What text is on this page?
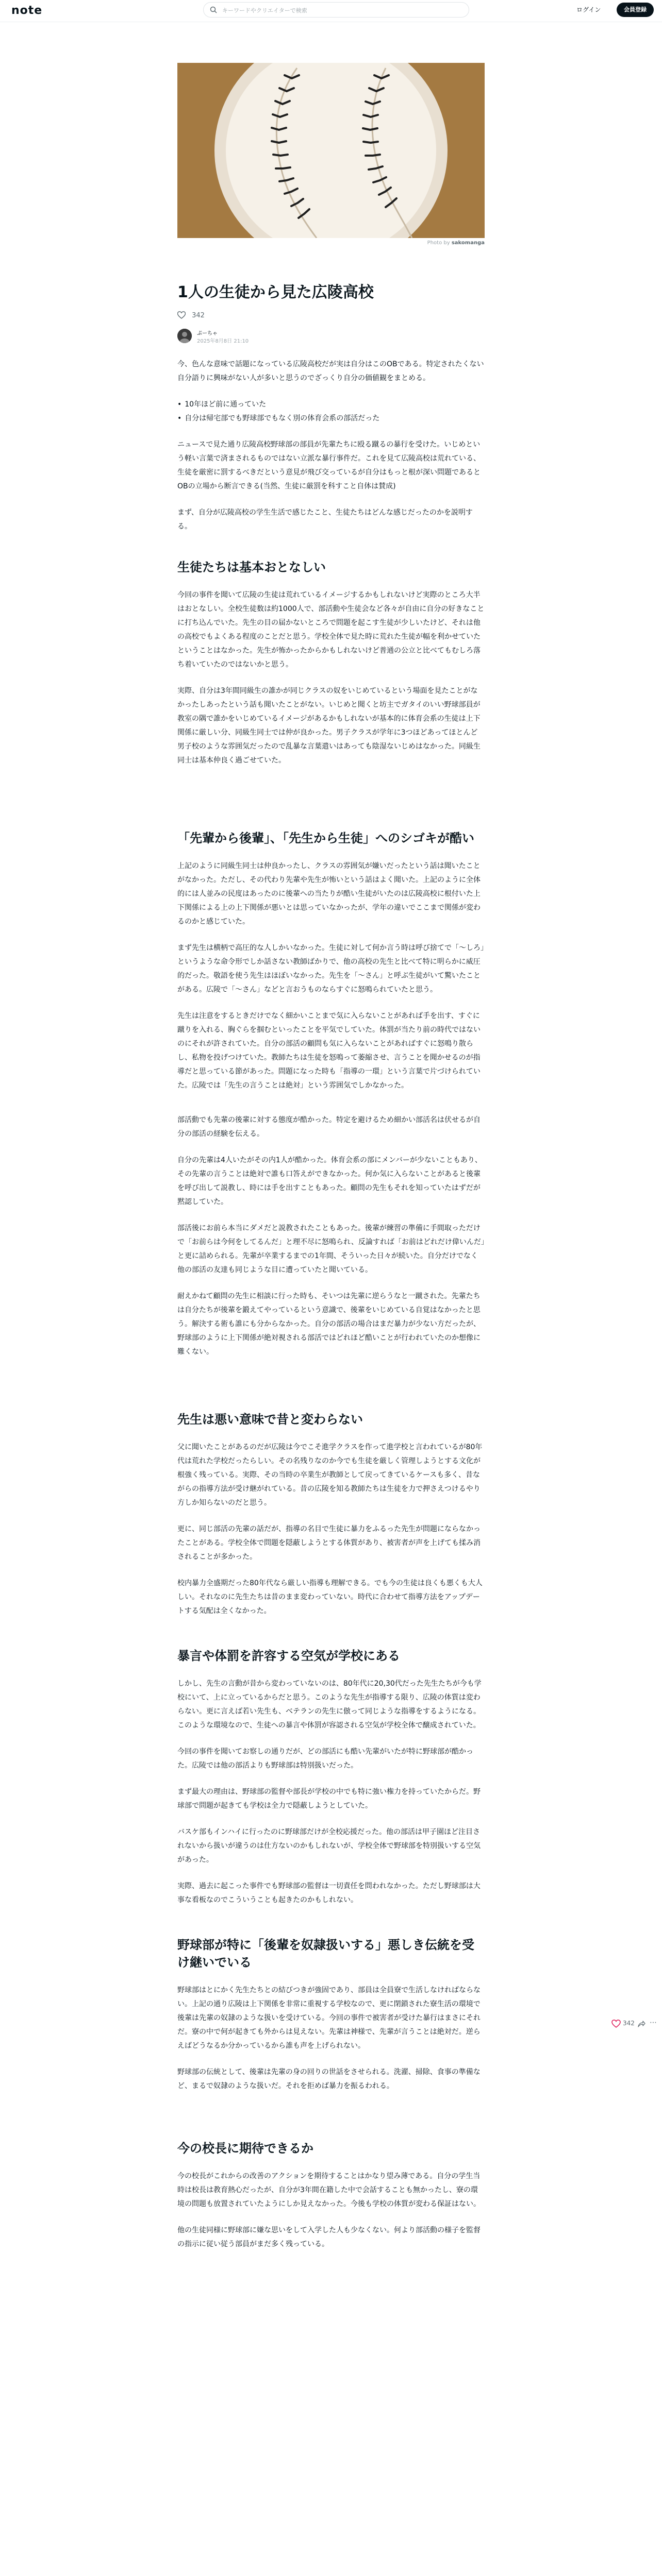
note
キーワードやクリエイターで検索	ログイン	会員登録
Photo by sakomanga
1人の生徒から見た広陵高校
342
ぷーちゃ
2025年8月8日 21:10

今、色んな意味で話題になっている広陵高校だが実は自分はこのOBである。特定されたくない自分語りに興味がない人が多いと思うのでざっくり自分の価値観をまとめる。

• 10年ほど前に通っていた
• 自分は帰宅部でも野球部でもなく別の体育会系の部活だった

ニュースで見た通り広陵高校野球部の部員が先輩たちに殴る蹴るの暴行を受けた。いじめという軽い言葉で済まされるものではない立派な暴行事件だ。これを見て広陵高校は荒れている、生徒を厳密に罰するべきだという意見が飛び交っているが自分はもっと根が深い問題であるとOBの立場から断言できる(当然、生徒に厳罰を科すこと自体は賛成)

まず、自分が広陵高校の学生生活で感じたこと、生徒たちはどんな感じだったのかを説明する。

生徒たちは基本おとなしい

今回の事件を聞いて広陵の生徒は荒れているイメージするかもしれないけど実際のところ大半はおとなしい。全校生徒数は約1000人で、部活動や生徒会など各々が自由に自分の好きなことに打ち込んでいた。先生の目の届かないところで問題を起こす生徒が少しいたけど、それは他の高校でもよくある程度のことだと思う。学校全体で見た時に荒れた生徒が幅を利かせていたということはなかった。先生が怖かったからかもしれないけど普通の公立と比べてもむしろ落ち着いていたのではないかと思う。

実際、自分は3年間同級生の誰かが同じクラスの奴をいじめているという場面を見たことがなかったしあったという話も聞いたことがない。いじめと聞くと坊主でガタイのいい野球部員が教室の隅で誰かをいじめているイメージがあるかもしれないが基本的に体育会系の生徒は上下関係に厳しい分、同級生同士では仲が良かった。男子クラスが学年に3つほどあってほとんど男子校のような雰囲気だったので乱暴な言葉遣いはあっても陰湿ないじめはなかった。同級生同士は基本仲良く過ごせていた。

「先輩から後輩」、「先生から生徒」へのシゴキが酷い

上記のように同級生同士は仲良かったし、クラスの雰囲気が嫌いだったという話は聞いたことがなかった。ただし、その代わり先輩や先生が怖いという話はよく聞いた。上記のように全体的には人並みの民度はあったのに後輩への当たりが酷い生徒がいたのは広陵高校に根付いた上下関係による上の上下関係が悪いとは思っていなかったが、学年の違いでここまで関係が変わるのかと感じていた。

まず先生は横柄で高圧的な人しかいなかった。生徒に対して何か言う時は呼び捨てで「～しろ」というような命令形でしか話さない教師ばかりで、他の高校の先生と比べて特に明らかに威圧的だった。敬語を使う先生はほぼいなかった。先生を「～さん」と呼ぶ生徒がいて驚いたことがある。広陵で「～さん」などと言おうものならすぐに怒鳴られていたと思う。

先生は注意をするときだけでなく細かいことまで気に入らないことがあれば手を出す、すぐに蹴りを入れる、胸ぐらを掴むといったことを平気でしていた。体罰が当たり前の時代ではないのにそれが許されていた。自分の部活の顧問も気に入らないことがあればすぐに怒鳴り散らし、私物を投げつけていた。教師たちは生徒を怒鳴って萎縮させ、言うことを聞かせるのが指導だと思っている節があった。問題になった時も「指導の一環」という言葉で片づけられていた。広陵では「先生の言うことは絶対」という雰囲気でしかなかった。

部活動でも先輩の後輩に対する態度が酷かった。特定を避けるため細かい部活名は伏せるが自分の部活の経験を伝える。

自分の先輩は4人いたがその内1人が酷かった。体育会系の部にメンバーが少ないこともあり、その先輩の言うことは絶対で誰も口答えができなかった。何か気に入らないことがあると後輩を呼び出して説教し、時には手を出すこともあった。顧問の先生もそれを知っていたはずだが黙認していた。

部活後にお前ら本当にダメだと説教されたこともあった。後輩が練習の準備に手間取っただけで「お前らは今何をしてるんだ」と理不尽に怒鳴られ、反論すれば「お前はどれだけ偉いんだ」と更に詰められる。先輩が卒業するまでの1年間、そういった日々が続いた。自分だけでなく他の部活の友達も同じような目に遭っていたと聞いている。

耐えかねて顧問の先生に相談に行った時も、そいつは先輩に逆らうなと一蹴された。先輩たちは自分たちが後輩を鍛えてやっているという意識で、後輩をいじめている自覚はなかったと思う。解決する術も誰にも分からなかった。自分の部活の場合はまだ暴力が少ない方だったが、野球部のように上下関係が絶対視される部活ではどれほど酷いことが行われていたのか想像に難くない。

先生は悪い意味で昔と変わらない

父に聞いたことがあるのだが広陵は今でこそ進学クラスを作って進学校と言われているが80年代は荒れた学校だったらしい。その名残りなのか今でも生徒を厳しく管理しようとする文化が根強く残っている。実際、その当時の卒業生が教師として戻ってきているケースも多く、昔ながらの指導方法が受け継がれている。昔の広陵を知る教師たちは生徒を力で押さえつけるやり方しか知らないのだと思う。

更に、同じ部活の先輩の話だが、指導の名目で生徒に暴力をふるった先生が問題にならなかったことがある。学校全体で問題を隠蔽しようとする体質があり、被害者が声を上げても揉み消されることが多かった。

校内暴力全盛期だった80年代なら厳しい指導も理解できる。でも今の生徒は良くも悪くも大人しい。それなのに先生たちは昔のまま変わっていない。時代に合わせて指導方法をアップデートする気配は全くなかった。

暴言や体罰を許容する空気が学校にある

しかし、先生の言動が昔から変わっていないのは、80年代に20,30代だった先生たちが今も学校にいて、上に立っているからだと思う。このような先生が指導する限り、広陵の体質は変わらない。更に言えば若い先生も、ベテランの先生に倣って同じような指導をするようになる。このような環境なので、生徒への暴言や体罰が容認される空気が学校全体で醸成されていた。

今回の事件を聞いてお察しの通りだが、どの部活にも酷い先輩がいたが特に野球部が酷かった。広陵では他の部活よりも野球部は特別扱いだった。

まず最大の理由は、野球部の監督や部長が学校の中でも特に強い権力を持っていたからだ。野球部で問題が起きても学校は全力で隠蔽しようとしていた。

バスケ部もインハイに行ったのに野球部だけが全校応援だった。他の部活は甲子園ほど注目されないから扱いが違うのは仕方ないのかもしれないが、学校全体で野球部を特別扱いする空気があった。

実際、過去に起こった事件でも野球部の監督は一切責任を問われなかった。ただし野球部は大事な看板なのでこういうことも起きたのかもしれない。

野球部が特に「後輩を奴隷扱いする」悪しき伝統を受け継いでいる

野球部はとにかく先生たちとの結びつきが強固であり、部員は全員寮で生活しなければならない。上記の通り広陵は上下関係を非常に重視する学校なので、更に閉鎖された寮生活の環境で後輩は先輩の奴隷のような扱いを受けている。今回の事件で被害者が受けた暴行はまさにそれだ。寮の中で何が起きても外からは見えない。先輩は神様で、先輩が言うことは絶対だ。逆らえばどうなるか分かっているから誰も声を上げられない。

野球部の伝統として、後輩は先輩の身の回りの世話をさせられる。洗濯、掃除、食事の準備など、まるで奴隷のような扱いだ。それを拒めば暴力を振るわれる。

今の校長に期待できるか

今の校長がこれからの改善のアクションを期待することはかなり望み薄である。自分の学生当時は校長は教育熱心だったが、自分が3年間在籍した中で会話することも無かったし、寮の環境の問題も放置されていたようにしか見えなかった。今後も学校の体質が変わる保証はない。

他の生徒同様に野球部に嫌な思いをして入学した人も少なくない。何より部活動の様子を監督の指示に従い従う部員がまだ多く残っている。

342 ⋯
